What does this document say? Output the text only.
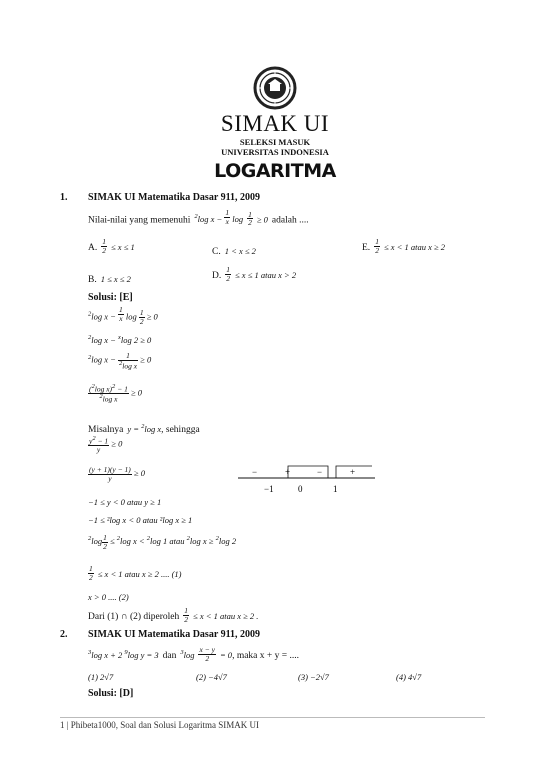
SIMAK UI
SELEKSI MASUK
UNIVERSITAS INDONESIA
LOGARITMA
1. SIMAK UI Matematika Dasar 911, 2009
Nilai-nilai yang memenuhi $^2$log x − $^{\frac{1}{x}}$ $\log \frac{1}{2} \ge 0$ adalah ....
A. $\frac{1}{2} \le x \le 1$	C. 1 < x ≤ 2	E. $\frac{1}{2} \le x < 1$ atau x ≥ 2
B. 1 ≤ x ≤ 2	D. $\frac{1}{2} \le x \le 1$ atau x > 2
Solusi: [E]
$^2$log x − $^{\frac{1}{x}}$ $\log \frac{1}{2} \ge 0$
$^2$log x − $^x$log 2 ≥ 0
$^2$log $x - \frac{1}{^2\log x} \ge 0$
$\frac{(^2\log x)^2 - 1}{^2\log x} \ge 0$
Misalnya y = $^2$log x, sehingga
$\frac{y^2 - 1}{y} \ge 0$
$\frac{(y + 1)(y - 1)}{y} \ge 0$	−	+	−	+
−1	0	1
−1 ≤ y < 0 atau y ≥ 1
−1 ≤ ²log x < 0 atau ²log x ≥ 1
$^2\log \frac{1}{2} \le ^2\log$ x < $^2$log 1 atau $^2$log x ≥ $^2$log 2
$\frac{1}{2} \le x < 1$ atau x ≥ 2 .... (1)
x > 0 .... (2)
Dari (1) ∩ (2) diperoleh $\frac{1}{2} \le x < 1$ atau x ≥ 2 .
2. SIMAK UI Matematika Dasar 911, 2009
$^3$log x + 2 $^9$log y = 3 dan $^3\log \frac{x - y}{2} = 0$, maka x + y = ....
(1) 2√7	(2) −4√7	(3) −2√7	(4) 4√7
Solusi: [D]
1 | Phibeta1000, Soal dan Solusi Logaritma SIMAK UI
